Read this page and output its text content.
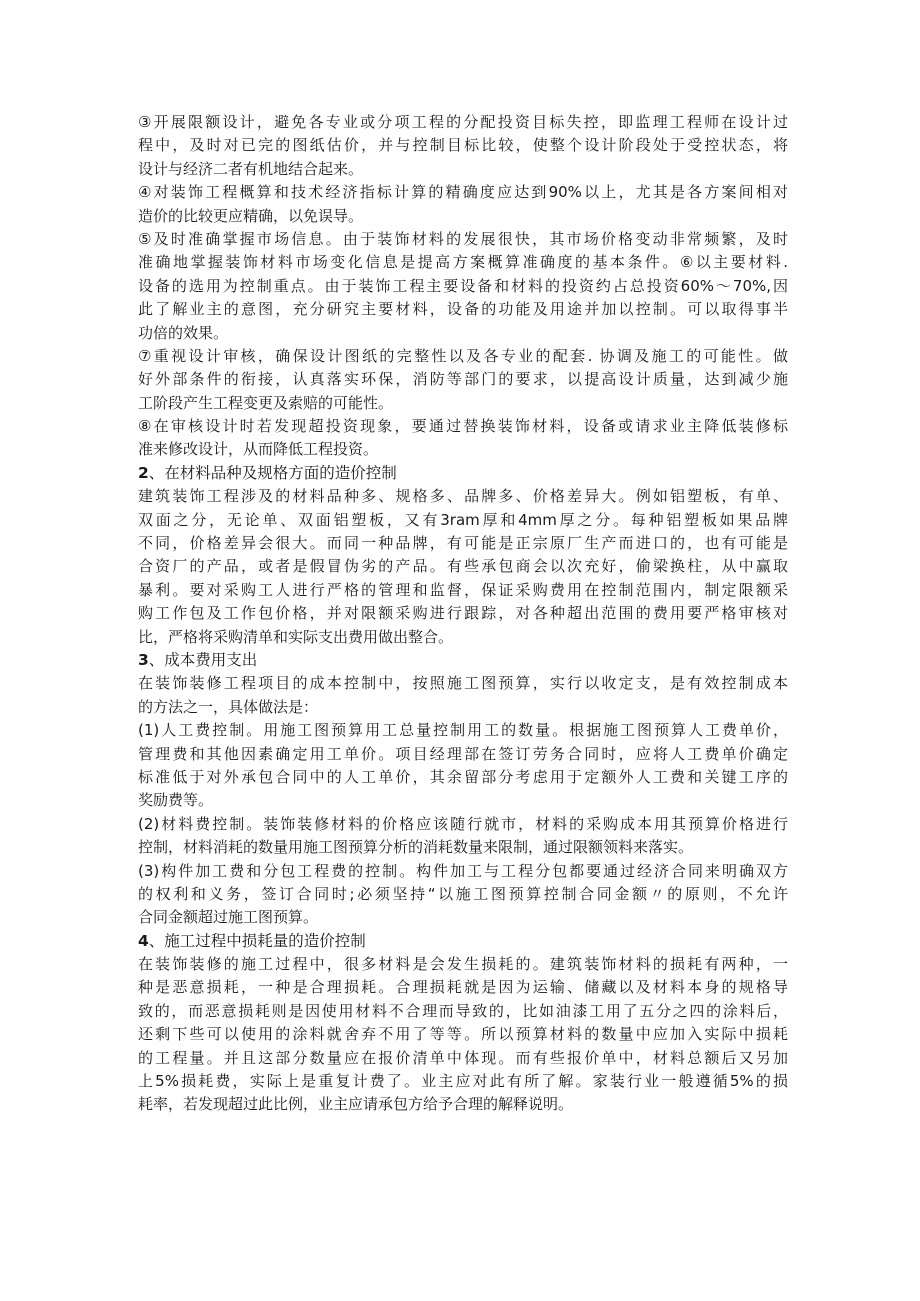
③开展限额设计，避免各专业或分项工程的分配投资目标失控，即监理工程师在设计过
程中，及时对已完的图纸估价，并与控制目标比较，使整个设计阶段处于受控状态，将
设计与经济二者有机地结合起来。
④对装饰工程概算和技术经济指标计算的精确度应达到90%以上，尤其是各方案间相对
造价的比较更应精确，以免误导。
⑤及时准确掌握市场信息。由于装饰材料的发展很快，其市场价格变动非常频繁，及时
准确地掌握装饰材料市场变化信息是提高方案概算准确度的基本条件。⑥以主要材料.
设备的选用为控制重点。由于装饰工程主要设备和材料的投资约占总投资60%～70%,因
此了解业主的意图，充分研究主要材料，设备的功能及用途并加以控制。可以取得事半
功倍的效果。
⑦重视设计审核，确保设计图纸的完整性以及各专业的配套. 协调及施工的可能性。做
好外部条件的衔接，认真落实环保，消防等部门的要求，以提高设计质量，达到减少施
工阶段产生工程变更及索赔的可能性。
⑧在审核设计时若发现超投资现象，要通过替换装饰材料，设备或请求业主降低装修标
准来修改设计，从而降低工程投资。
2、在材料品种及规格方面的造价控制
建筑装饰工程涉及的材料品种多、规格多、品牌多、价格差异大。例如铝塑板，有单、
双面之分，无论单、双面铝塑板，又有3ram厚和4mm厚之分。每种铝塑板如果品牌
不同，价格差异会很大。而同一种品牌，有可能是正宗原厂生产而进口的，也有可能是
合资厂的产品，或者是假冒伪劣的产品。有些承包商会以次充好，偷梁换柱，从中赢取
暴利。要对采购工人进行严格的管理和监督，保证采购费用在控制范围内，制定限额采
购工作包及工作包价格，并对限额采购进行跟踪，对各种超出范围的费用要严格审核对
比，严格将采购清单和实际支出费用做出整合。
3、成本费用支出
在装饰装修工程项目的成本控制中，按照施工图预算，实行以收定支，是有效控制成本
的方法之一，具体做法是：
(1)人工费控制。用施工图预算用工总量控制用工的数量。根据施工图预算人工费单价，
管理费和其他因素确定用工单价。项目经理部在签订劳务合同时，应将人工费单价确定
标准低于对外承包合同中的人工单价，其余留部分考虑用于定额外人工费和关键工序的
奖励费等。
(2)材料费控制。装饰装修材料的价格应该随行就市，材料的采购成本用其预算价格进行
控制，材料消耗的数量用施工图预算分析的消耗数量来限制，通过限额领料来落实。
(3)构件加工费和分包工程费的控制。构件加工与工程分包都要通过经济合同来明确双方
的权利和义务，签订合同时;必须坚持“以施工图预算控制合同金额〃的原则，不允许
合同金额超过施工图预算。
4、施工过程中损耗量的造价控制
在装饰装修的施工过程中，很多材料是会发生损耗的。建筑装饰材料的损耗有两种，一
种是恶意损耗，一种是合理损耗。合理损耗就是因为运输、储藏以及材料本身的规格导
致的，而恶意损耗则是因使用材料不合理而导致的，比如油漆工用了五分之四的涂料后，
还剩下些可以使用的涂料就舍弃不用了等等。所以预算材料的数量中应加入实际中损耗
的工程量。并且这部分数量应在报价清单中体现。而有些报价单中，材料总额后又另加
上5%损耗费，实际上是重复计费了。业主应对此有所了解。家装行业一般遵循5%的损
耗率，若发现超过此比例，业主应请承包方给予合理的解释说明。
